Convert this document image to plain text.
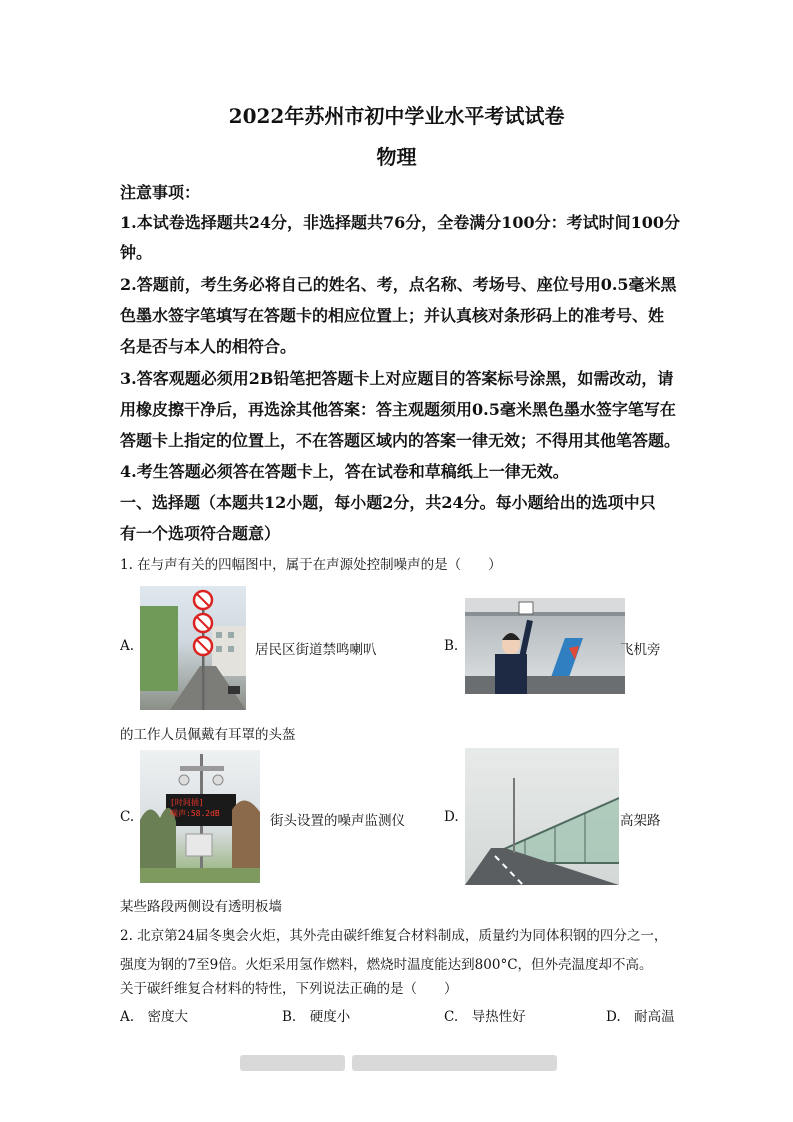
2022年苏州市初中学业水平考试试卷
物理
注意事项：
1.本试卷选择题共24分，非选择题共76分，全卷满分100分：考试时间100分
钟。
2.答题前，考生务必将自己的姓名、考，点名称、考场号、座位号用0.5毫米黑
色墨水签字笔填写在答题卡的相应位置上；并认真核对条形码上的准考号、姓
名是否与本人的相符合。
3.答客观题必须用2B铅笔把答题卡上对应题目的答案标号涂黑，如需改动，请
用橡皮擦干净后，再选涂其他答案：答主观题须用0.5毫米黑色墨水签字笔写在
答题卡上指定的位置上，不在答题区域内的答案一律无效；不得用其他笔答题。
4.考生答题必须答在答题卡上，答在试卷和草稿纸上一律无效。
一、选择题（本题共12小题，每小题2分，共24分。每小题给出的选项中只
有一个选项符合题意）
1. 在与声有关的四幅图中，属于在声源处控制噪声的是（　　）
A.	居民区街道禁鸣喇叭	B.	飞机旁
的工作人员佩戴有耳罩的头盔
C.
[时间插]
噪声:58.2dB	街头设置的噪声监测仪	D.	高架路
某些路段两侧设有透明板墙
2. 北京第24届冬奥会火炬，其外壳由碳纤维复合材料制成，质量约为同体积钢的四分之一，
强度为钢的7至9倍。火炬采用氢作燃料，燃烧时温度能达到800°C，但外壳温度却不高。
关于碳纤维复合材料的特性，下列说法正确的是（　　）
A.　 密度大	B.　 硬度小	C.　 导热性好	D.　 耐高温
